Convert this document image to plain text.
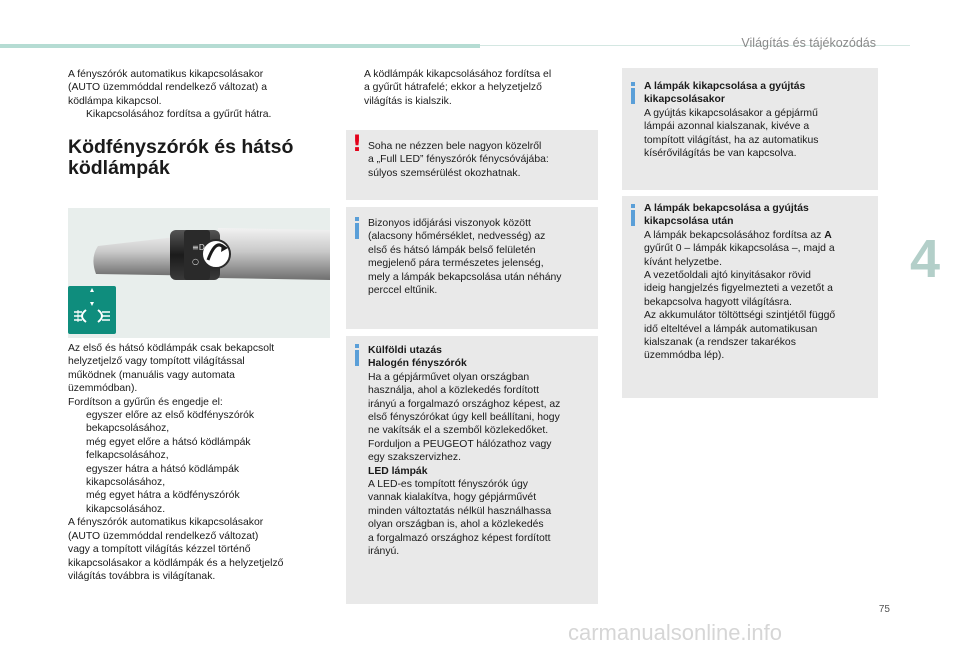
Világítás és tájékozódás
4
A fényszórók automatikus kikapcsolásakor
(AUTO üzemmóddal rendelkező változat) a
ködlámpa kikapcsol.
Kikapcsolásához fordítsa a gyűrűt hátra.
Ködfényszórók és hátsó
ködlámpák
≡D
○
Az első és hátsó ködlámpák csak bekapcsolt
helyzetjelző vagy tompított világítással
működnek (manuális vagy automata
üzemmódban).
Fordítson a gyűrűn és engedje el:
egyszer előre az első ködfényszórók
bekapcsolásához,
még egyet előre a hátsó ködlámpák
felkapcsolásához,
egyszer hátra a hátsó ködlámpák
kikapcsolásához,
még egyet hátra a ködfényszórók
kikapcsolásához.
A fényszórók automatikus kikapcsolásakor
(AUTO üzemmóddal rendelkező változat)
vagy a tompított világítás kézzel történő
kikapcsolásakor a ködlámpák és a helyzetjelző
világítás továbbra is világítanak.
A ködlámpák kikapcsolásához fordítsa el
a gyűrűt hátrafelé; ekkor a helyzetjelző
világítás is kialszik.
! Soha ne nézzen bele nagyon közelről
a „Full LED” fényszórók fénycsóvájába:
súlyos szemsérülést okozhatnak.
Bizonyos időjárási viszonyok között
(alacsony hőmérséklet, nedvesség) az
első és hátsó lámpák belső felületén
megjelenő pára természetes jelenség,
mely a lámpák bekapcsolása után néhány
perccel eltűnik.
Külföldi utazás
Halogén fényszórók
Ha a gépjárművet olyan országban
használja, ahol a közlekedés fordított
irányú a forgalmazó országhoz képest, az
első fényszórókat úgy kell beállítani, hogy
ne vakítsák el a szemből közlekedőket.
Forduljon a PEUGEOT hálózathoz vagy
egy szakszervizhez.
LED lámpák
A LED-es tompított fényszórók úgy
vannak kialakítva, hogy gépjárművét
minden változtatás nélkül használhassa
olyan országban is, ahol a közlekedés
a forgalmazó országhoz képest fordított
irányú.
A lámpák kikapcsolása a gyújtás
kikapcsolásakor
A gyújtás kikapcsolásakor a gépjármű
lámpái azonnal kialszanak, kivéve a
tompított világítást, ha az automatikus
kísérővilágítás be van kapcsolva.
A lámpák bekapcsolása a gyújtás
kikapcsolása után
A lámpák bekapcsolásához fordítsa az A
gyűrűt 0 – lámpák kikapcsolása –, majd a
kívánt helyzetbe.
A vezetőoldali ajtó kinyitásakor rövid
ideig hangjelzés figyelmezteti a vezetőt a
bekapcsolva hagyott világításra.
Az akkumulátor töltöttségi szintjétől függő
idő elteltével a lámpák automatikusan
kialszanak (a rendszer takarékos
üzemmódba lép).
75
carmanualsonline.info
